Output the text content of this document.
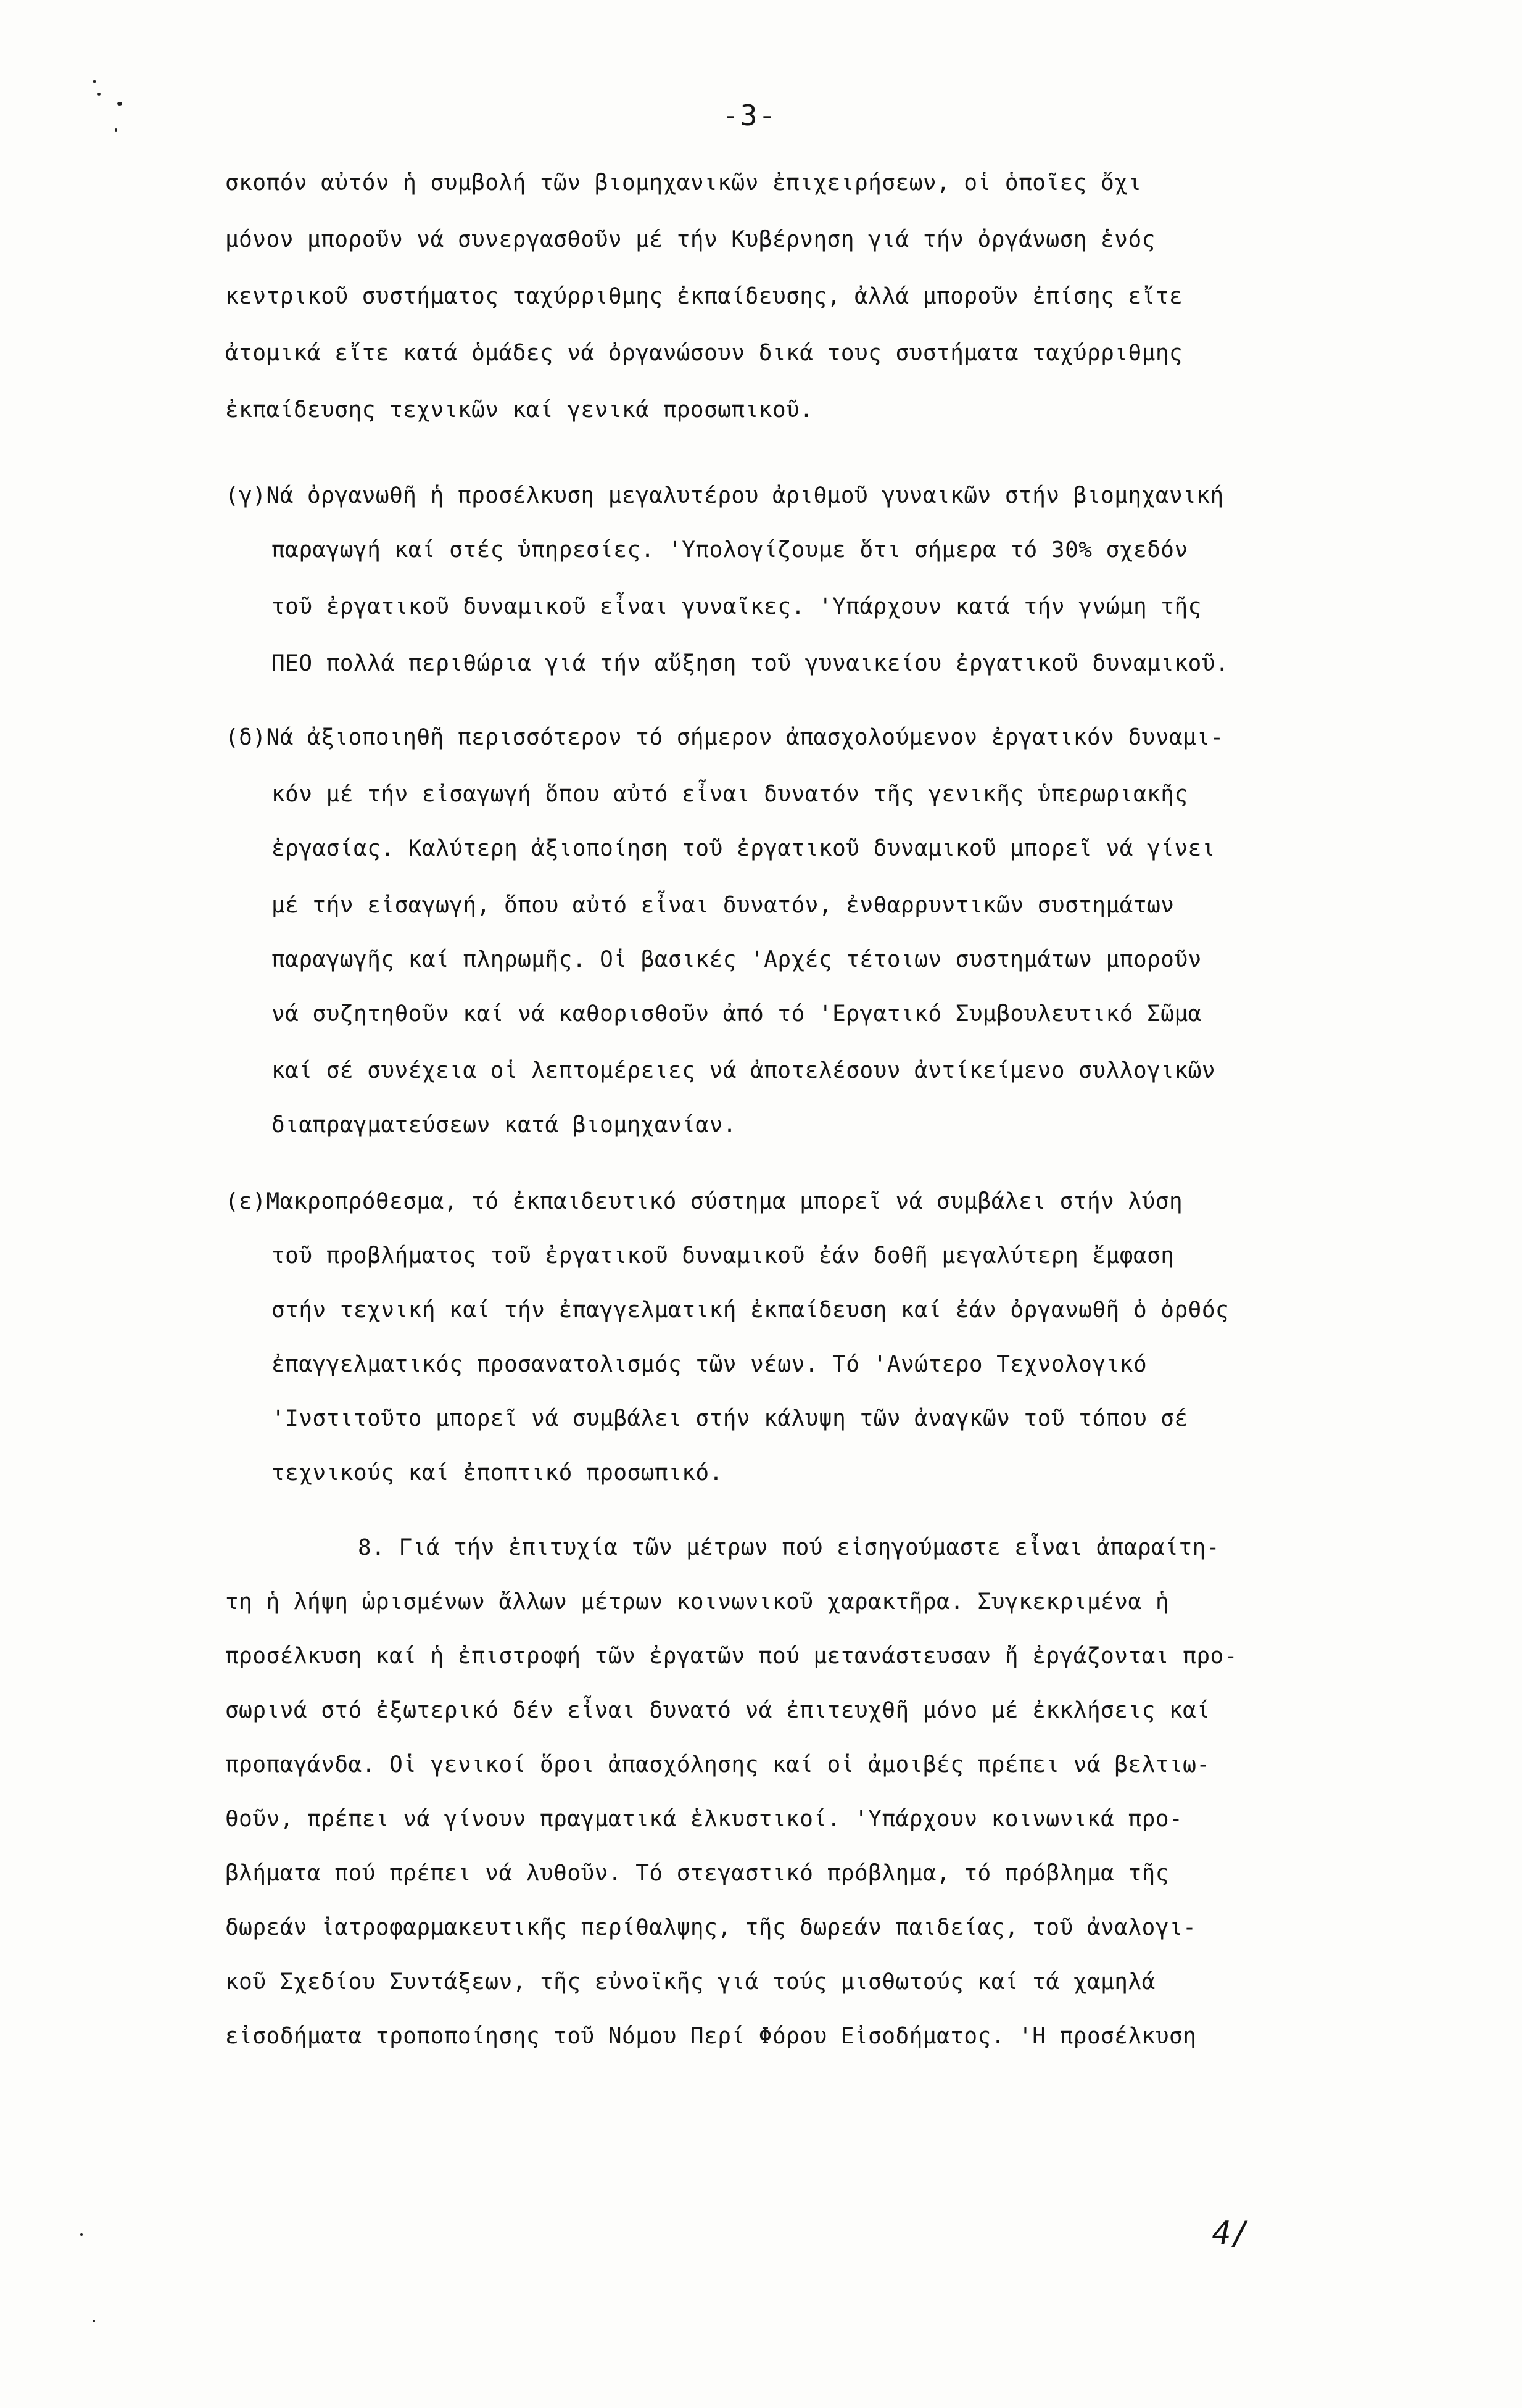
-3-
σκοπόν αὐτόν ἡ συμβολή τῶν βιομηχανικῶν ἐπιχειρήσεων, οἱ ὁποῖες ὄχι
μόνον μποροῦν νά συνεργασθοῦν μέ τήν Κυβέρνηση γιά τήν ὀργάνωση ἑνός
κεντρικοῦ συστήματος ταχύρριθμης ἐκπαίδευσης, ἀλλά μποροῦν ἐπίσης εἴτε
ἀτομικά εἴτε κατά ὁμάδες νά ὀργανώσουν δικά τους συστήματα ταχύρριθμης
ἐκπαίδευσης τεχνικῶν καί γενικά προσωπικοῦ.
(γ)Νά ὀργανωθῆ ἡ προσέλκυση μεγαλυτέρου ἀριθμοῦ γυναικῶν στήν βιομηχανική
παραγωγή καί στές ὑπηρεσίες. 'Υπολογίζουμε ὅτι σήμερα τό 30% σχεδόν
τοῦ ἐργατικοῦ δυναμικοῦ εἶναι γυναῖκες. 'Υπάρχουν κατά τήν γνώμη τῆς
ΠΕΟ πολλά περιθώρια γιά τήν αὔξηση τοῦ γυναικείου ἐργατικοῦ δυναμικοῦ.
(δ)Νά ἀξιοποιηθῆ περισσότερον τό σήμερον ἀπασχολούμενον ἐργατικόν δυναμι-
κόν μέ τήν εἰσαγωγή ὅπου αὐτό εἶναι δυνατόν τῆς γενικῆς ὑπερωριακῆς
ἐργασίας. Καλύτερη ἀξιοποίηση τοῦ ἐργατικοῦ δυναμικοῦ μπορεῖ νά γίνει
μέ τήν εἰσαγωγή, ὅπου αὐτό εἶναι δυνατόν, ἐνθαρρυντικῶν συστημάτων
παραγωγῆς καί πληρωμῆς. Οἱ βασικές 'Αρχές τέτοιων συστημάτων μποροῦν
νά συζητηθοῦν καί νά καθορισθοῦν ἀπό τό 'Εργατικό Συμβουλευτικό Σῶμα
καί σέ συνέχεια οἱ λεπτομέρειες νά ἀποτελέσουν ἀντίκείμενο συλλογικῶν
διαπραγματεύσεων κατά βιομηχανίαν.
(ε)Μακροπρόθεσμα, τό ἐκπαιδευτικό σύστημα μπορεῖ νά συμβάλει στήν λύση
τοῦ προβλήματος τοῦ ἐργατικοῦ δυναμικοῦ ἐάν δοθῆ μεγαλύτερη ἔμφαση
στήν τεχνική καί τήν ἐπαγγελματική ἐκπαίδευση καί ἐάν ὀργανωθῆ ὁ ὀρθός
ἐπαγγελματικός προσανατολισμός τῶν νέων. Τό 'Ανώτερο Τεχνολογικό
'Ινστιτοῦτο μπορεῖ νά συμβάλει στήν κάλυψη τῶν ἀναγκῶν τοῦ τόπου σέ
τεχνικούς καί ἐποπτικό προσωπικό.
8. Γιά τήν ἐπιτυχία τῶν μέτρων πού εἰσηγούμαστε εἶναι ἀπαραίτη-
τη ἡ λήψη ὡρισμένων ἄλλων μέτρων κοινωνικοῦ χαρακτῆρα. Συγκεκριμένα ἡ
προσέλκυση καί ἡ ἐπιστροφή τῶν ἐργατῶν πού μετανάστευσαν ἤ ἐργάζονται προ-
σωρινά στό ἐξωτερικό δέν εἶναι δυνατό νά ἐπιτευχθῆ μόνο μέ ἐκκλήσεις καί
προπαγάνδα. Οἱ γενικοί ὅροι ἀπασχόλησης καί οἱ ἀμοιβές πρέπει νά βελτιω-
θοῦν, πρέπει νά γίνουν πραγματικά ἑλκυστικοί. 'Υπάρχουν κοινωνικά προ-
βλήματα πού πρέπει νά λυθοῦν. Τό στεγαστικό πρόβλημα, τό πρόβλημα τῆς
δωρεάν ἰατροφαρμακευτικῆς περίθαλψης, τῆς δωρεάν παιδείας, τοῦ ἀναλογι-
κοῦ Σχεδίου Συντάξεων, τῆς εὐνοϊκῆς γιά τούς μισθωτούς καί τά χαμηλά
εἰσοδήματα τροποποίησης τοῦ Νόμου Περί Φόρου Εἰσοδήματος. 'Η προσέλκυση
4/
